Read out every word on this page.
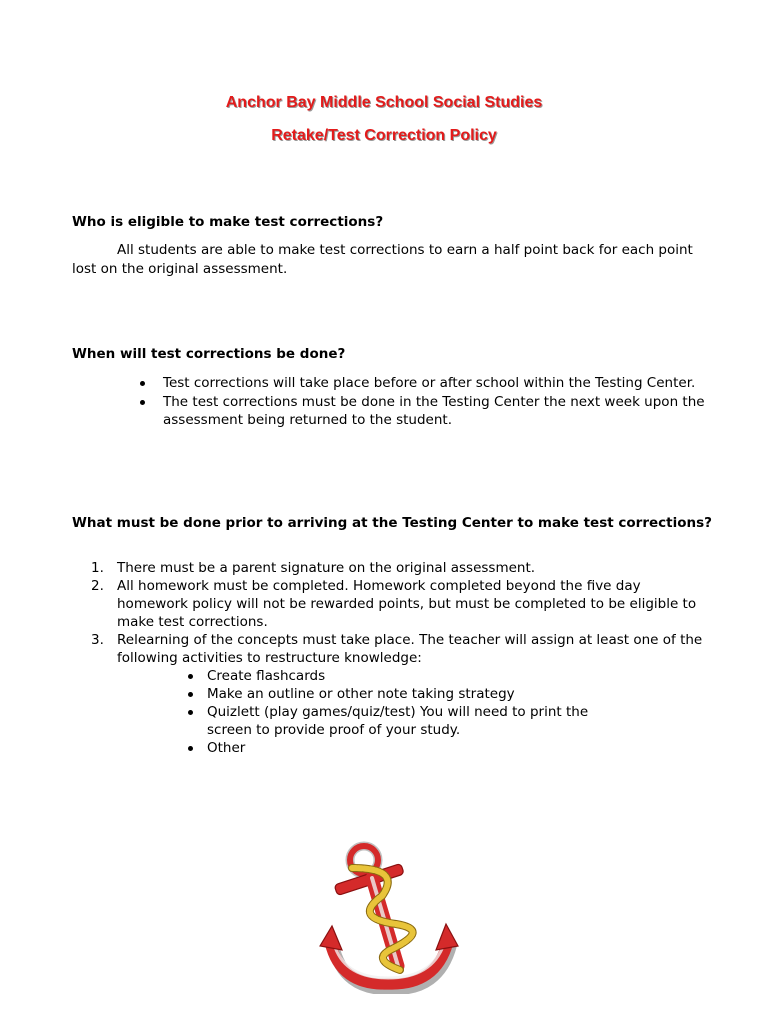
Anchor Bay Middle School Social Studies
Retake/Test Correction Policy
Who is eligible to make test corrections?

All students are able to make test corrections to earn a half point back for each point lost on the original assessment.

When will test corrections be done?
Test corrections will take place before or after school within the Testing Center.
The test corrections must be done in the Testing Center the next week upon the assessment being returned to the student.
What must be done prior to arriving at the Testing Center to make test corrections?
1. There must be a parent signature on the original assessment.
2. All homework must be completed. Homework completed beyond the five day homework policy will not be rewarded points, but must be completed to be eligible to make test corrections.
3. Relearning of the concepts must take place. The teacher will assign at least one of the following activities to restructure knowledge:
Create flashcards
Make an outline or other note taking strategy
Quizlett (play games/quiz/test) You will need to print the screen to provide proof of your study.
Other
